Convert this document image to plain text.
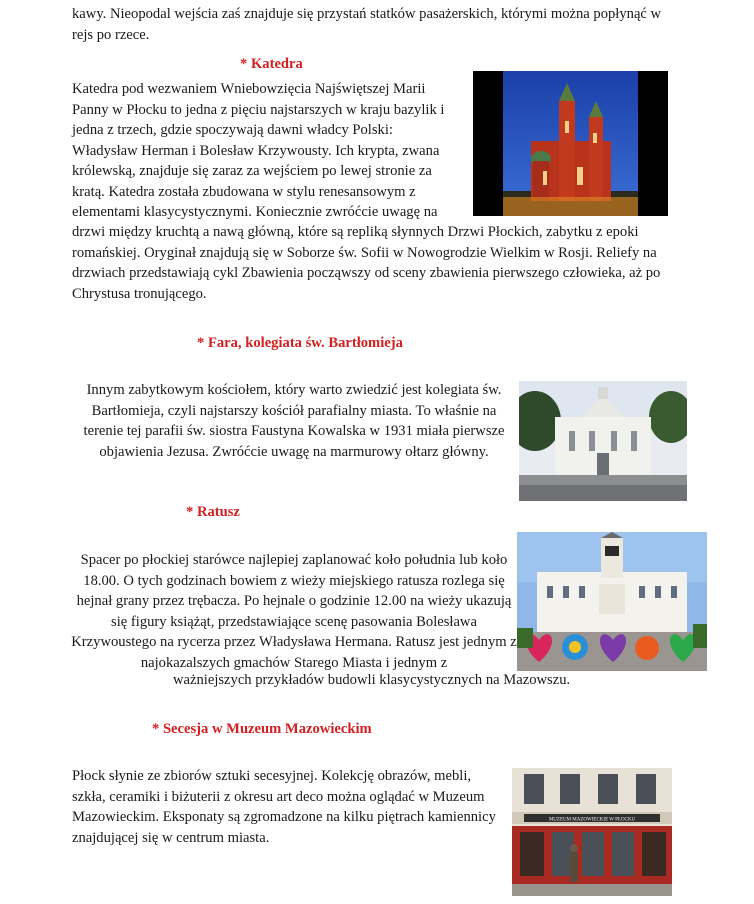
kawy. Nieopodal wejścia zaś znajduje się przystań statków pasażerskich, którymi można popłynąć w rejs po rzece.

* Katedra

Katedra pod wezwaniem Wniebowzięcia Najświętszej Marii Panny w Płocku to jedna z pięciu najstarszych w kraju bazylik i jedna z trzech, gdzie spoczywają dawni władcy Polski: Władysław Herman i Bolesław Krzywousty. Ich krypta, zwana królewską, znajduje się zaraz za wejściem po lewej stronie za kratą. Katedra została zbudowana w stylu renesansowym z elementami klasycystycznymi. Koniecznie zwróćcie uwagę na

drzwi między kruchtą a nawą główną, które są repliką słynnych Drzwi Płockich, zabytku z epoki romańskiej. Oryginał znajdują się w Soborze św. Sofii w Nowogrodzie Wielkim w Rosji. Reliefy na drzwiach przedstawiają cykl Zbawienia począwszy od sceny zbawienia pierwszego człowieka, aż po Chrystusa tronującego.

* Fara, kolegiata św. Bartłomieja

Innym zabytkowym kościołem, który warto zwiedzić jest kolegiata św. Bartłomieja, czyli najstarszy kościół parafialny miasta. To właśnie na terenie tej parafii św. siostra Faustyna Kowalska w 1931 miała pierwsze objawienia Jezusa. Zwróćcie uwagę na marmurowy ołtarz główny.

* Ratusz

Spacer po płockiej starówce najlepiej zaplanować koło południa lub koło 18.00. O tych godzinach bowiem z wieży miejskiego ratusza rozlega się hejnał grany przez trębacza. Po hejnale o godzinie 12.00 na wieży ukazują się figury książąt, przedstawiające scenę pasowania Bolesława Krzywoustego na rycerza przez Władysława Hermana. Ratusz jest jednym z najokazalszych gmachów Starego Miasta i jednym z

ważniejszych przykładów budowli klasycystycznych na Mazowszu.

* Secesja w Muzeum Mazowieckim

Płock słynie ze zbiorów sztuki secesyjnej. Kolekcję obrazów, mebli, szkła, ceramiki i biżuterii z okresu art deco można oglądać w Muzeum Mazowieckim. Eksponaty są zgromadzone na kilku piętrach kamiennicy znajdującej się w centrum miasta.

MUZEUM MAZOWIECKIE W PŁOCKU
